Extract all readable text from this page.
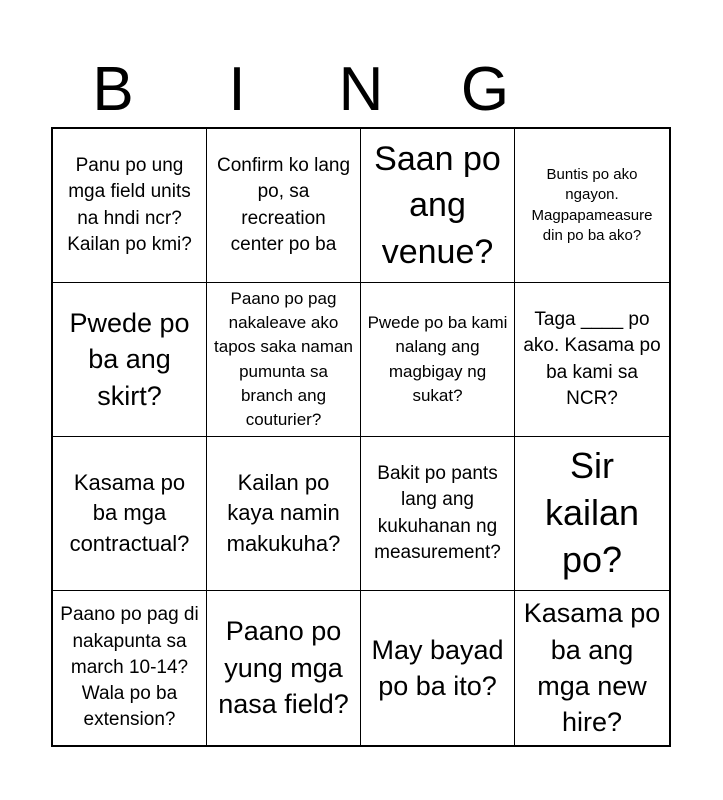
B	I	N	G
Panu po ung mga field units na hndi ncr? Kailan po kmi?
Confirm ko lang po, sa recreation center po ba
Saan po ang venue?
Buntis po ako ngayon. Magpapameasure din po ba ako?
Pwede po ba ang skirt?
Paano po pag nakaleave ako tapos saka naman pumunta sa branch ang couturier?
Pwede po ba kami nalang ang magbigay ng sukat?
Taga ____ po ako. Kasama po ba kami sa NCR?
Kasama po ba mga contractual?
Kailan po kaya namin makukuha?
Bakit po pants lang ang kukuhanan ng measurement?
Sir kailan po?
Paano po pag di nakapunta sa march 10-14? Wala po ba extension?
Paano po yung mga nasa field?
May bayad po ba ito?
Kasama po ba ang mga new hire?
